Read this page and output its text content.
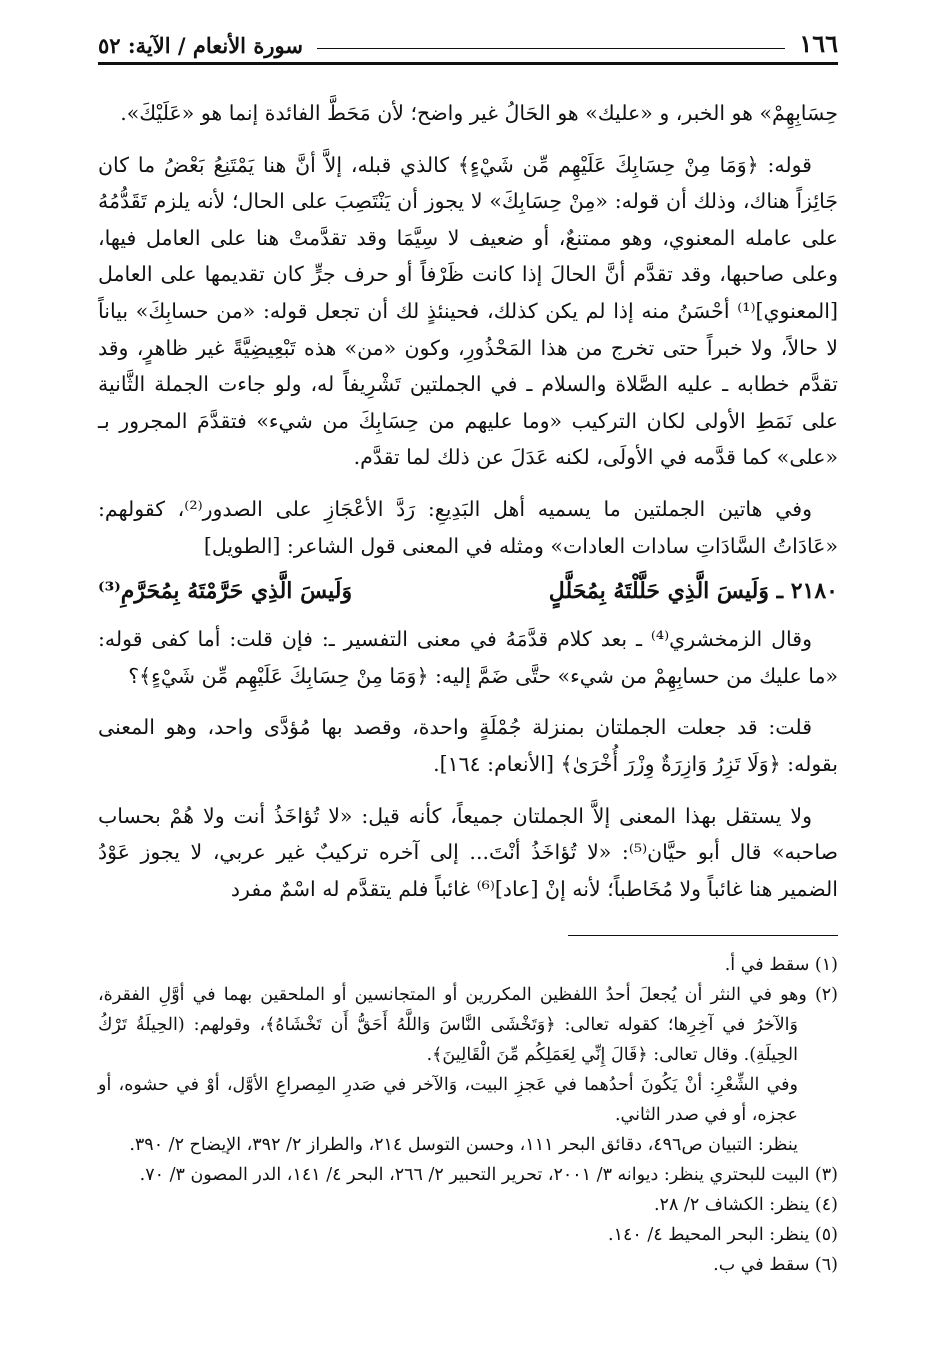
١٦٦
سورة الأنعام / الآية: ٥٢

حِسَابِهِمْ» هو الخبر، و «عليك» هو الحَالُ غير واضح؛ لأن مَحَطَّ الفائدة إنما هو «عَلَيْكَ».

قوله: ﴿وَمَا مِنْ حِسَابِكَ عَلَيْهِم مِّن شَيْءٍ﴾ كالذي قبله، إلاَّ أنَّ هنا يَمْتَنِعُ بَعْضُ ما كان جَائِزاً هناك، وذلك أن قوله: «مِنْ حِسَابِكَ» لا يجوز أن يَنْتَصِبَ على الحال؛ لأنه يلزم تَقَدُّمُهُ على عامله المعنوي، وهو ممتنعٌ، أو ضعيف لا سِيَّمَا وقد تقدَّمتْ هنا على العامل فيها، وعلى صاحبها، وقد تقدَّم أنَّ الحالَ إذا كانت ظَرْفاً أو حرف جرٍّ كان تقديمها على العامل [المعنوي]⁽¹⁾ أحْسَنُ منه إذا لم يكن كذلك، فحينئذٍ لك أن تجعل قوله: «من حسابِكَ» بياناً لا حالاً، ولا خبراً حتى تخرج من هذا المَحْذُورِ، وكون «من» هذه تَبْعِيضِيَّةً غير ظاهرٍ، وقد تقدَّم خطابه ـ عليه الصَّلاة والسلام ـ في الجملتين تَشْرِيفاً له، ولو جاءت الجملة الثَّانية على نَمَطِ الأولى لكان التركيب «وما عليهم من حِسَابِكَ من شيء» فتقدَّمَ المجرور بـ «على» كما قدَّمه في الأولَى، لكنه عَدَلَ عن ذلك لما تقدَّم.

وفي هاتين الجملتين ما يسميه أهل البَدِيعِ: رَدَّ الأعْجَازِ على الصدور⁽²⁾، كقولهم: «عَادَاتُ السَّادَاتِ سادات العادات» ومثله في المعنى قول الشاعر: [الطويل]

٢١٨٠ ـ وَلَيسَ الَّذِي حَلَّلْتَهُ بِمُحَلَّلٍ
وَلَيسَ الَّذِي حَرَّمْتَهُ بِمُحَرَّمِ⁽³⁾

وقال الزمخشري⁽⁴⁾ ـ بعد كلام قدَّمَهُ في معنى التفسير ـ: فإن قلت: أما كفى قوله: «ما عليك من حسابِهِمْ من شيء» حتَّى ضَمَّ إليه: ﴿وَمَا مِنْ حِسَابِكَ عَلَيْهِم مِّن شَيْءٍ﴾؟

قلت: قد جعلت الجملتان بمنزلة جُمْلَةٍ واحدة، وقصد بها مُؤدَّى واحد، وهو المعنى بقوله: ﴿وَلَا تَزِرُ وَازِرَةٌ وِزْرَ أُخْرَىٰ﴾ [الأنعام: ١٦٤].

ولا يستقل بهذا المعنى إلاَّ الجملتان جميعاً، كأنه قيل: «لا تُؤاخَذُ أنت ولا هُمْ بحساب صاحبه» قال أبو حيَّان⁽⁵⁾: «لا تُؤاخَذُ أنْتَ... إلى آخره تركيبٌ غير عربي، لا يجوز عَوْدُ الضمير هنا غائباً ولا مُخَاطباً؛ لأنه إنْ [عاد]⁽⁶⁾ غائباً فلم يتقدَّم له اسْمٌ مفرد

(١) سقط في أ.

(٢) وهو في النثر أن يُجعلَ أحدُ اللفظين المكررين أو المتجانسين أو الملحقين بهما في أوَّلِ الفقرة، وَالآخرُ في آخِرِها؛ كقوله تعالى: ﴿وَتَخْشَى النَّاسَ وَاللَّهُ أَحَقُّ أَن تَخْشَاهُ﴾، وقولهم: (الحِيلَةُ تَرْكُ الحِيلَةِ). وقال تعالى: ﴿قَالَ إِنِّي لِعَمَلِكُم مِّنَ الْقَالِينَ﴾.

وفي الشِّعْرِ: أنْ يَكُونَ أحدُهما في عَجزِ البيت، وَالآخر في صَدرِ المِصراعِ الأوَّل، أوْ في حشوه، أو عجزه، أو في صدر الثاني.

ينظر: التبيان ص٤٩٦، دقائق البحر ١١١، وحسن التوسل ٢١٤، والطراز ٢/ ٣٩٢، الإيضاح ٢/ ٣٩٠.

(٣) البيت للبحتري ينظر: ديوانه ٣/ ٢٠٠١، تحرير التحبير ٢/ ٢٦٦، البحر ٤/ ١٤١، الدر المصون ٣/ ٧٠.

(٤) ينظر: الكشاف ٢/ ٢٨.

(٥) ينظر: البحر المحيط ٤/ ١٤٠.

(٦) سقط في ب.
